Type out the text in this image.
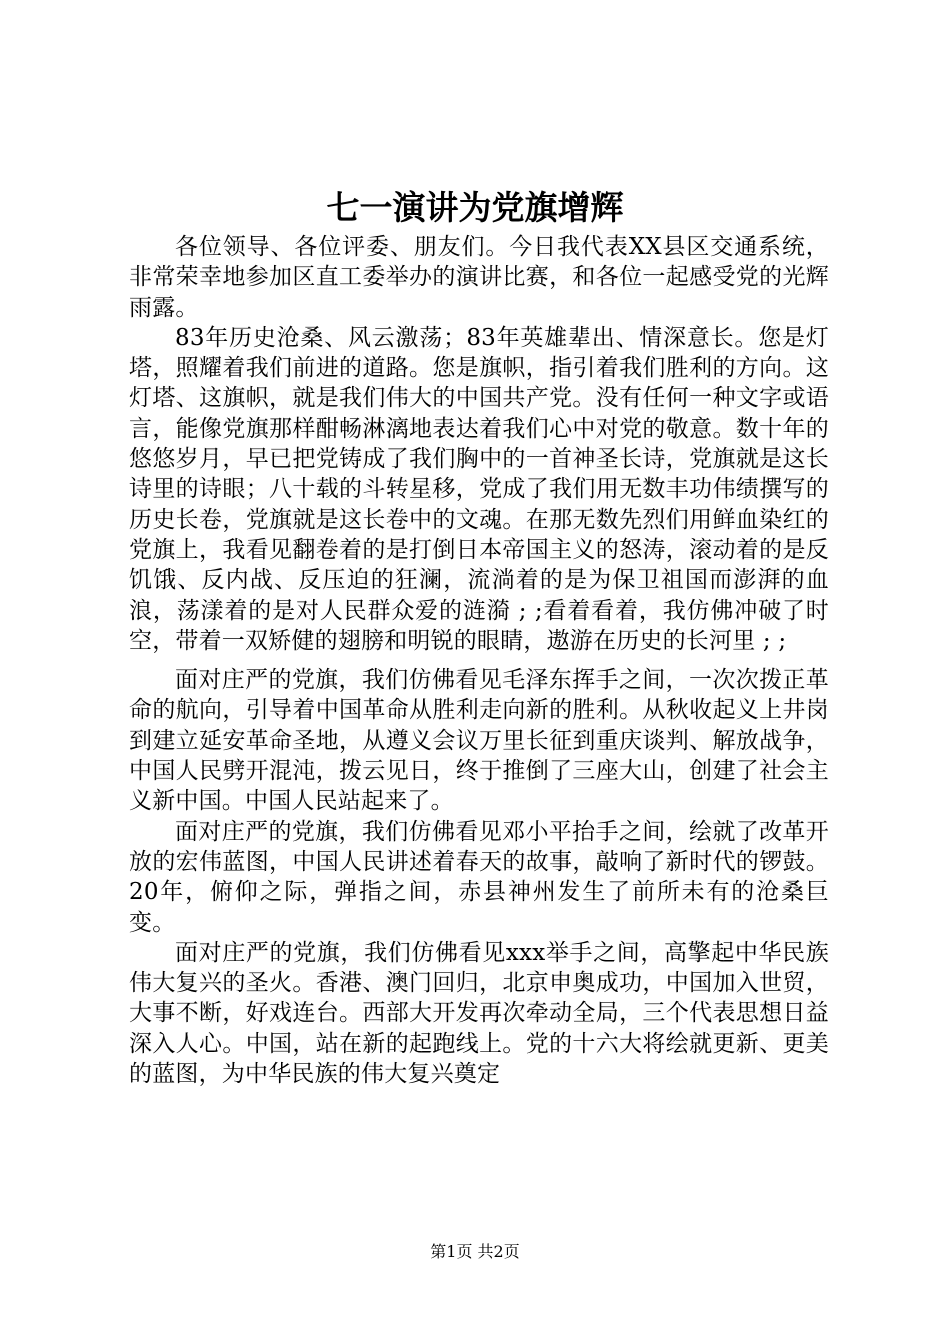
七一演讲为党旗增辉

各位领导、各位评委、朋友们。今日我代表XX县区交通系统，非常荣幸地参加区直工委举办的演讲比赛，和各位一起感受党的光辉雨露。

83年历史沧桑、风云激荡；83年英雄辈出、情深意长。您是灯塔，照耀着我们前进的道路。您是旗帜，指引着我们胜利的方向。这灯塔、这旗帜，就是我们伟大的中国共产党。没有任何一种文字或语言，能像党旗那样酣畅淋漓地表达着我们心中对党的敬意。数十年的悠悠岁月，早已把党铸成了我们胸中的一首神圣长诗，党旗就是这长诗里的诗眼；八十载的斗转星移，党成了我们用无数丰功伟绩撰写的历史长卷，党旗就是这长卷中的文魂。在那无数先烈们用鲜血染红的党旗上，我看见翻卷着的是打倒日本帝国主义的怒涛，滚动着的是反饥饿、反内战、反压迫的狂澜，流淌着的是为保卫祖国而澎湃的血浪，荡漾着的是对人民群众爱的涟漪 ; ;看着看着，我仿佛冲破了时空，带着一双矫健的翅膀和明锐的眼睛，遨游在历史的长河里 ; ;

面对庄严的党旗，我们仿佛看见毛泽东挥手之间，一次次拨正革命的航向，引导着中国革命从胜利走向新的胜利。从秋收起义上井岗到建立延安革命圣地，从遵义会议万里长征到重庆谈判、解放战争，中国人民劈开混沌，拨云见日，终于推倒了三座大山，创建了社会主义新中国。中国人民站起来了。

面对庄严的党旗，我们仿佛看见邓小平抬手之间，绘就了改革开放的宏伟蓝图，中国人民讲述着春天的故事，敲响了新时代的锣鼓。20年，俯仰之际，弹指之间，赤县神州发生了前所未有的沧桑巨变。

面对庄严的党旗，我们仿佛看见xxx举手之间，高擎起中华民族伟大复兴的圣火。香港、澳门回归，北京申奥成功，中国加入世贸，大事不断，好戏连台。西部大开发再次牵动全局，三个代表思想日益深入人心。中国，站在新的起跑线上。党的十六大将绘就更新、更美的蓝图，为中华民族的伟大复兴奠定

第1页 共2页
